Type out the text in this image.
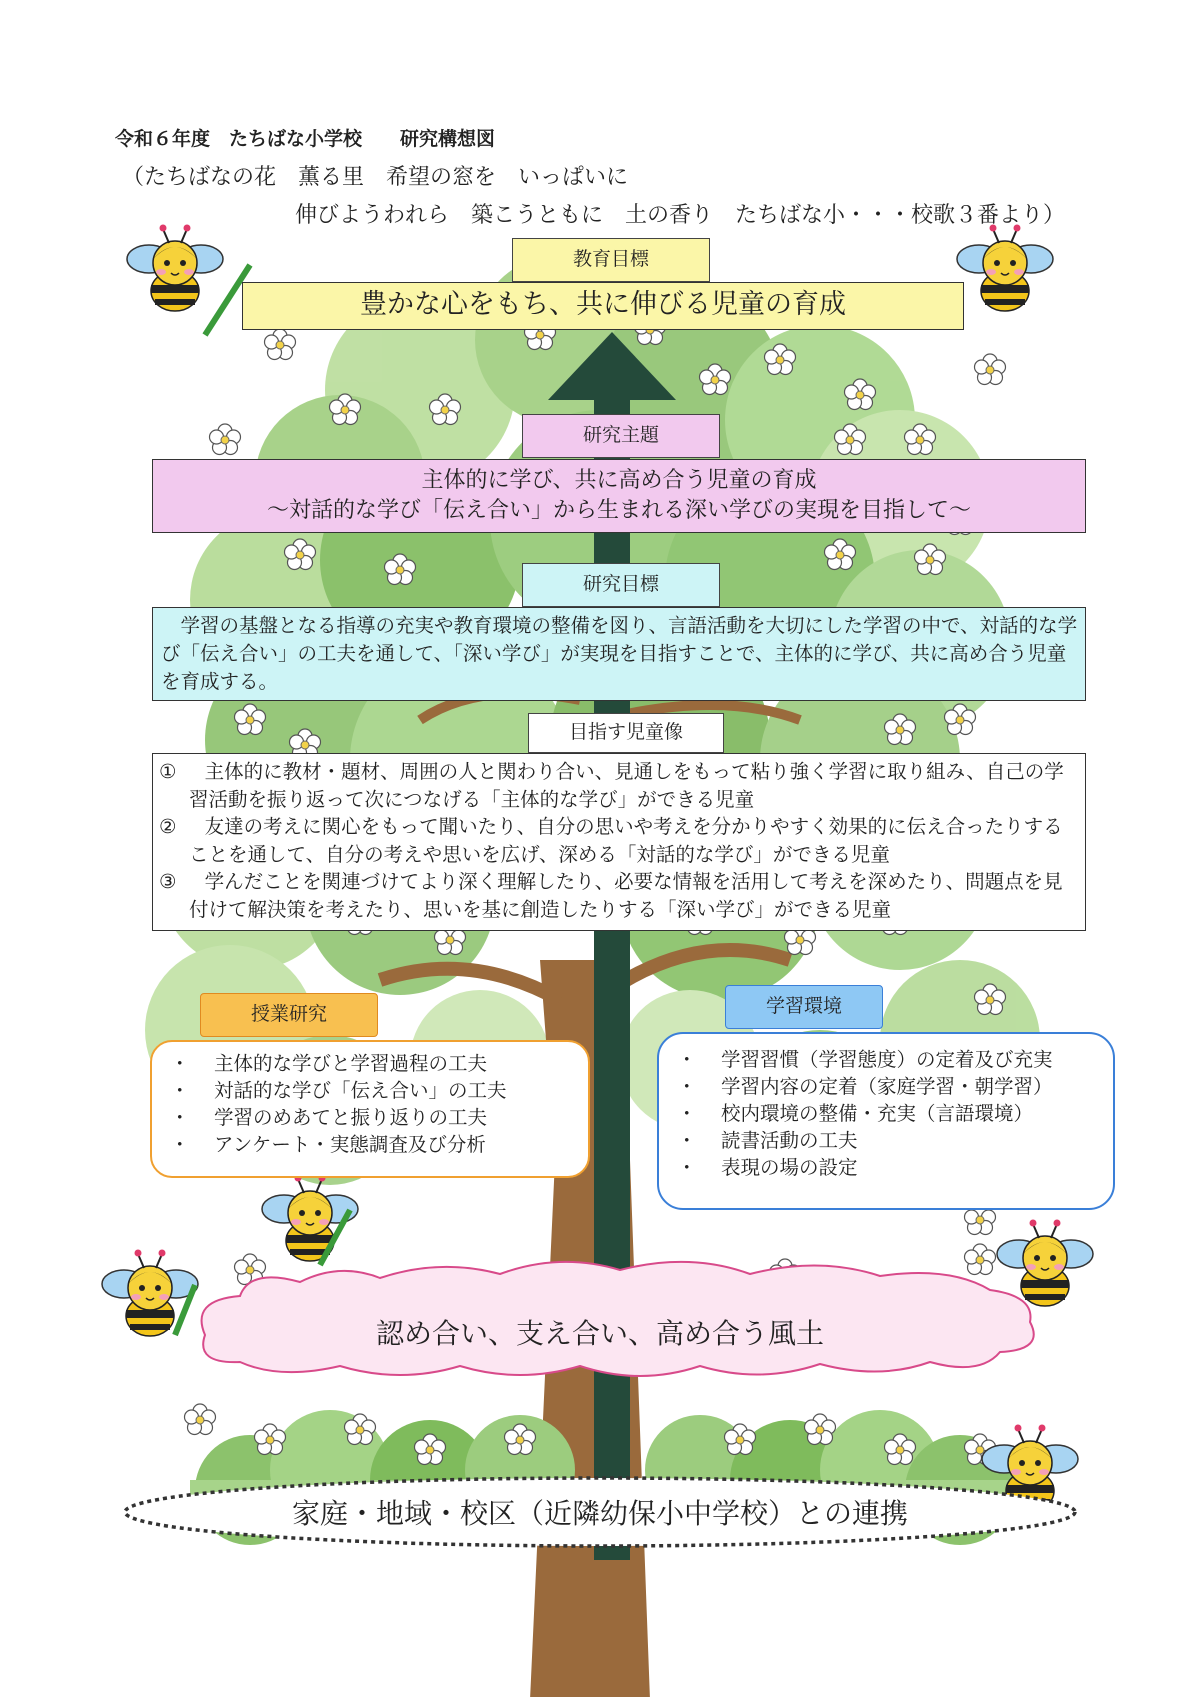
令和６年度　たちばな小学校　　研究構想図
（たちばなの花　薫る里　希望の窓を　いっぱいに
伸びようわれら　築こうともに　土の香り　たちばな小・・・校歌３番より）
教育目標
豊かな心をもち、共に伸びる児童の育成
研究主題
主体的に学び、共に高め合う児童の育成
～対話的な学び「伝え合い」から生まれる深い学びの実現を目指して～
研究目標
学習の基盤となる指導の充実や教育環境の整備を図り、言語活動を大切にした学習の中で、対話的な学び「伝え合い」の工夫を通して、「深い学び」が実現を目指すことで、主体的に学び、共に高め合う児童を育成する。
目指す児童像
①	主体的に教材・題材、周囲の人と関わり合い、見通しをもって粘り強く学習に取り組み、自己の学習活動を振り返って次につなげる「主体的な学び」ができる児童
②	友達の考えに関心をもって聞いたり、自分の思いや考えを分かりやすく効果的に伝え合ったりすることを通して、自分の考えや思いを広げ、深める「対話的な学び」ができる児童
③	学んだことを関連づけてより深く理解したり、必要な情報を活用して考えを深めたり、問題点を見付けて解決策を考えたり、思いを基に創造したりする「深い学び」ができる児童
授業研究
・ 主体的な学びと学習過程の工夫
・ 対話的な学び「伝え合い」の工夫
・ 学習のめあてと振り返りの工夫
・ アンケート・実態調査及び分析
学習環境
・ 学習習慣（学習態度）の定着及び充実
・ 学習内容の定着（家庭学習・朝学習）
・ 校内環境の整備・充実（言語環境）
・ 読書活動の工夫
・ 表現の場の設定
認め合い、支え合い、高め合う風土
家庭・地域・校区（近隣幼保小中学校）との連携
